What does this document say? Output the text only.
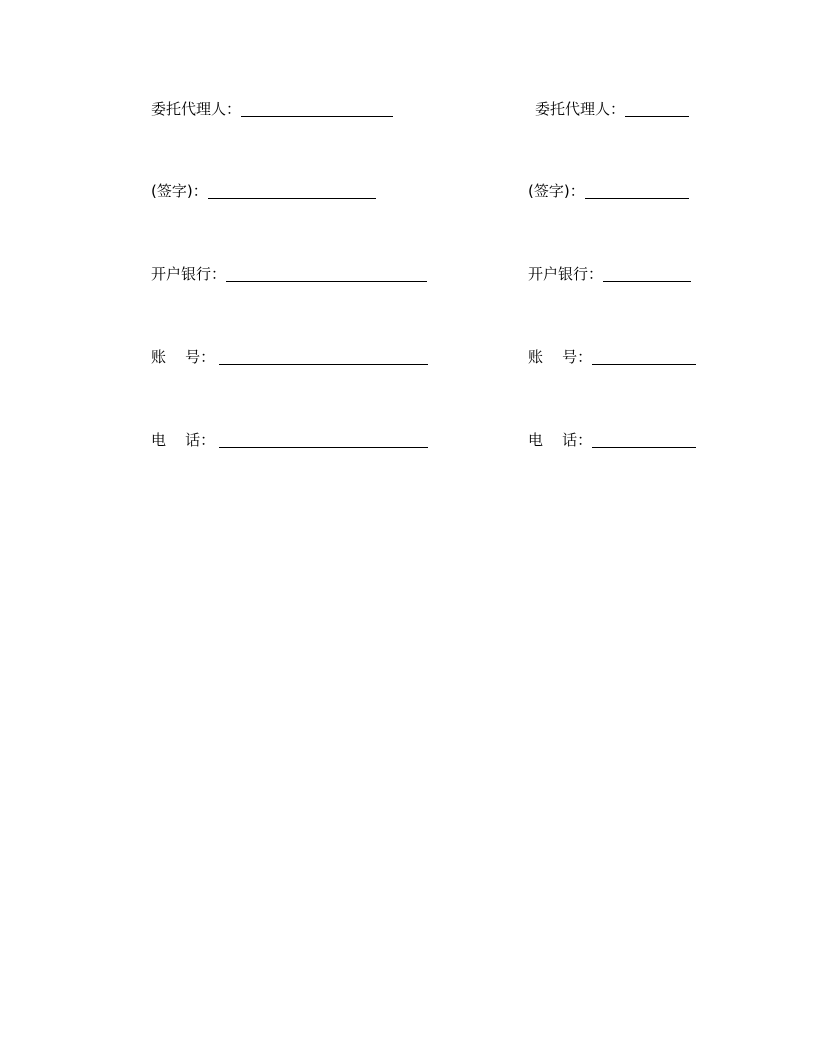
委托代理人：
(签字)：
开户银行：
账    号：
电    话：
委托代理人：
(签字)：
开户银行：
账    号：
电    话：
